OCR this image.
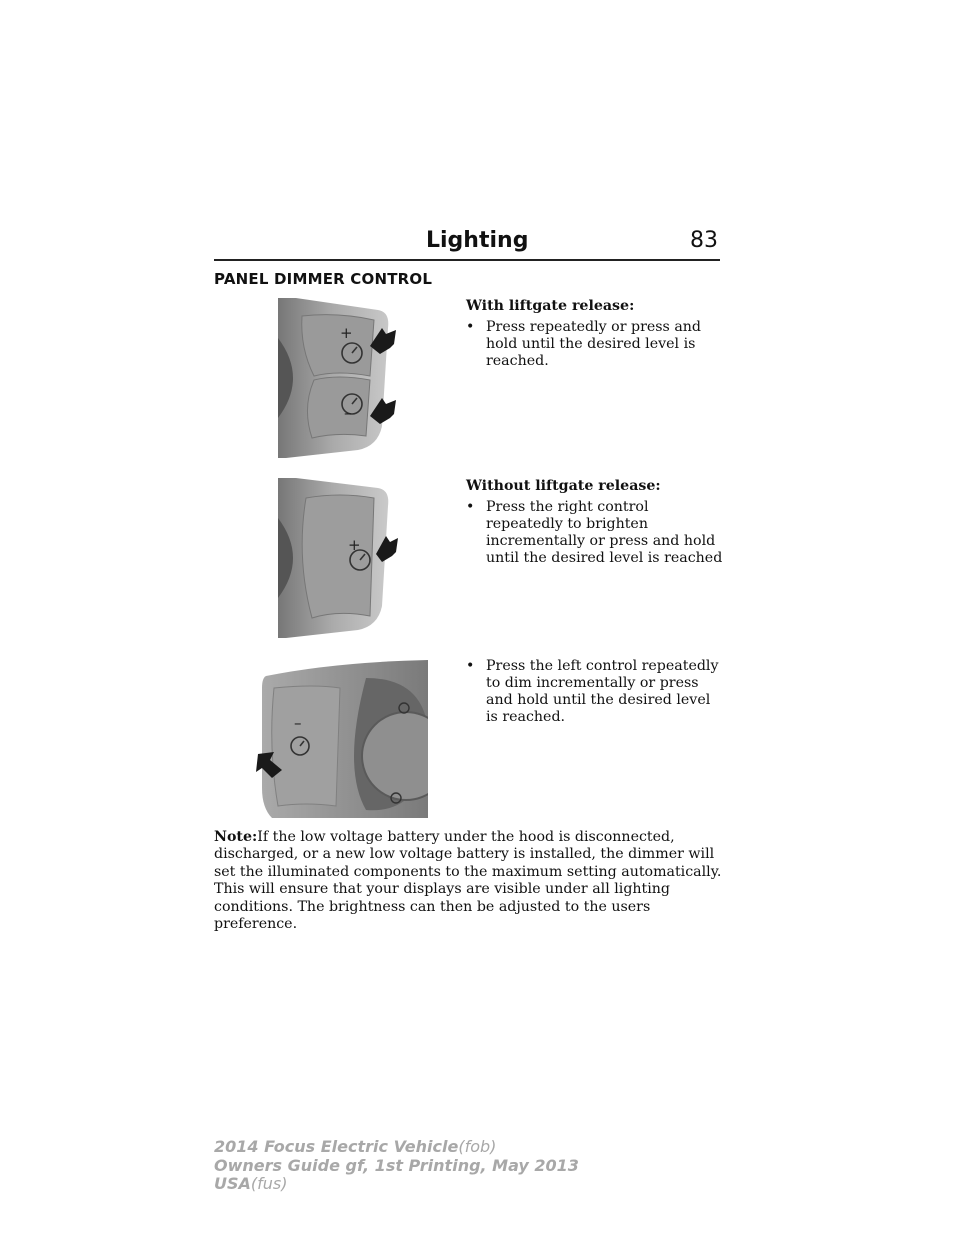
Lighting	83
PANEL DIMMER CONTROL
+
–
With liftgate release:
• Press repeatedly or press and hold until the desired level is reached.
+
Without liftgate release:
• Press the right control repeatedly to brighten incrementally or press and hold until the desired level is reached
–
• Press the left control repeatedly to dim incrementally or press and hold until the desired level is reached.
Note:If the low voltage battery under the hood is disconnected, discharged, or a new low voltage battery is installed, the dimmer will set the illuminated components to the maximum setting automatically. This will ensure that your displays are visible under all lighting conditions. The brightness can then be adjusted to the users preference.
2014 Focus Electric Vehicle(fob)
Owners Guide gf, 1st Printing, May 2013
USA(fus)
